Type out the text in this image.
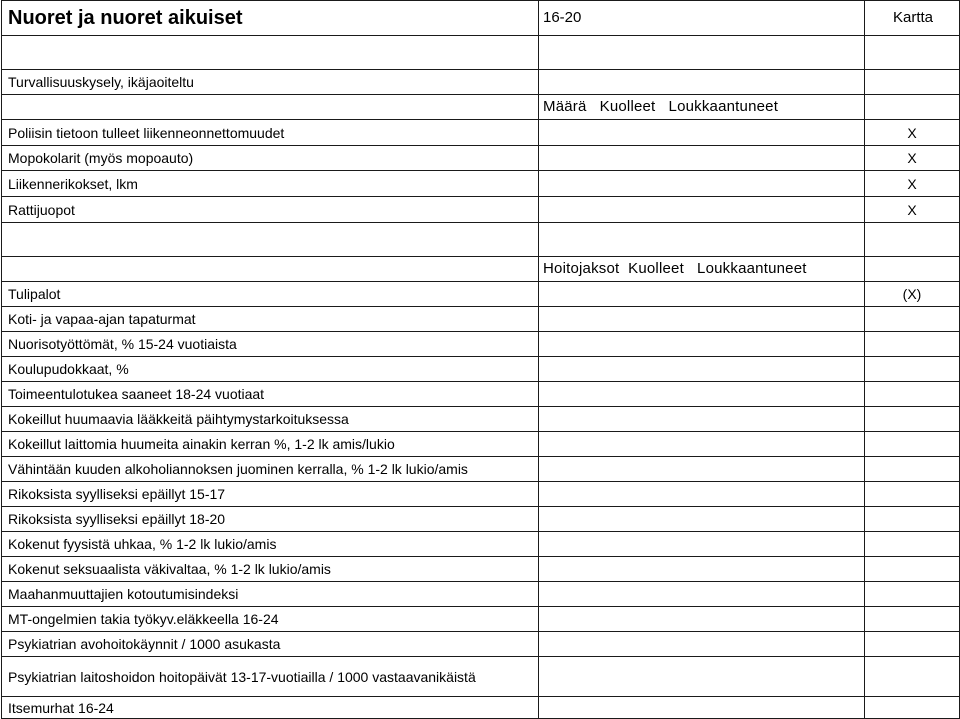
Nuoret ja nuoret aikuiset	16-20	Kartta

Turvallisuuskysely, ikäjaoiteltu		
	Määrä   Kuolleet   Loukkaantuneet	
Poliisin tietoon tulleet liikenneonnettomuudet		X
Mopokolarit (myös mopoauto)		X
Liikennerikokset, lkm		X
Rattijuopot		X

	Hoitojaksot  Kuolleet   Loukkaantuneet	
Tulipalot		(X)
Koti- ja vapaa-ajan tapaturmat		
Nuorisotyöttömät, % 15-24 vuotiaista		
Koulupudokkaat, %		
Toimeentulotukea saaneet 18-24 vuotiaat		
Kokeillut huumaavia lääkkeitä päihtymystarkoituksessa		
Kokeillut laittomia huumeita ainakin kerran %, 1-2 lk amis/lukio		
Vähintään kuuden alkoholiannoksen juominen kerralla, % 1-2 lk lukio/amis		
Rikoksista syylliseksi epäillyt 15-17		
Rikoksista syylliseksi epäillyt 18-20		
Kokenut fyysistä uhkaa, % 1-2 lk lukio/amis		
Kokenut seksuaalista väkivaltaa, % 1-2 lk lukio/amis		
Maahanmuuttajien kotoutumisindeksi		
MT-ongelmien takia työkyv.eläkkeella 16-24		
Psykiatrian avohoitokäynnit / 1000 asukasta		
Psykiatrian laitoshoidon hoitopäivät 13-17-vuotiailla / 1000 vastaavanikäistä		
Itsemurhat 16-24		
